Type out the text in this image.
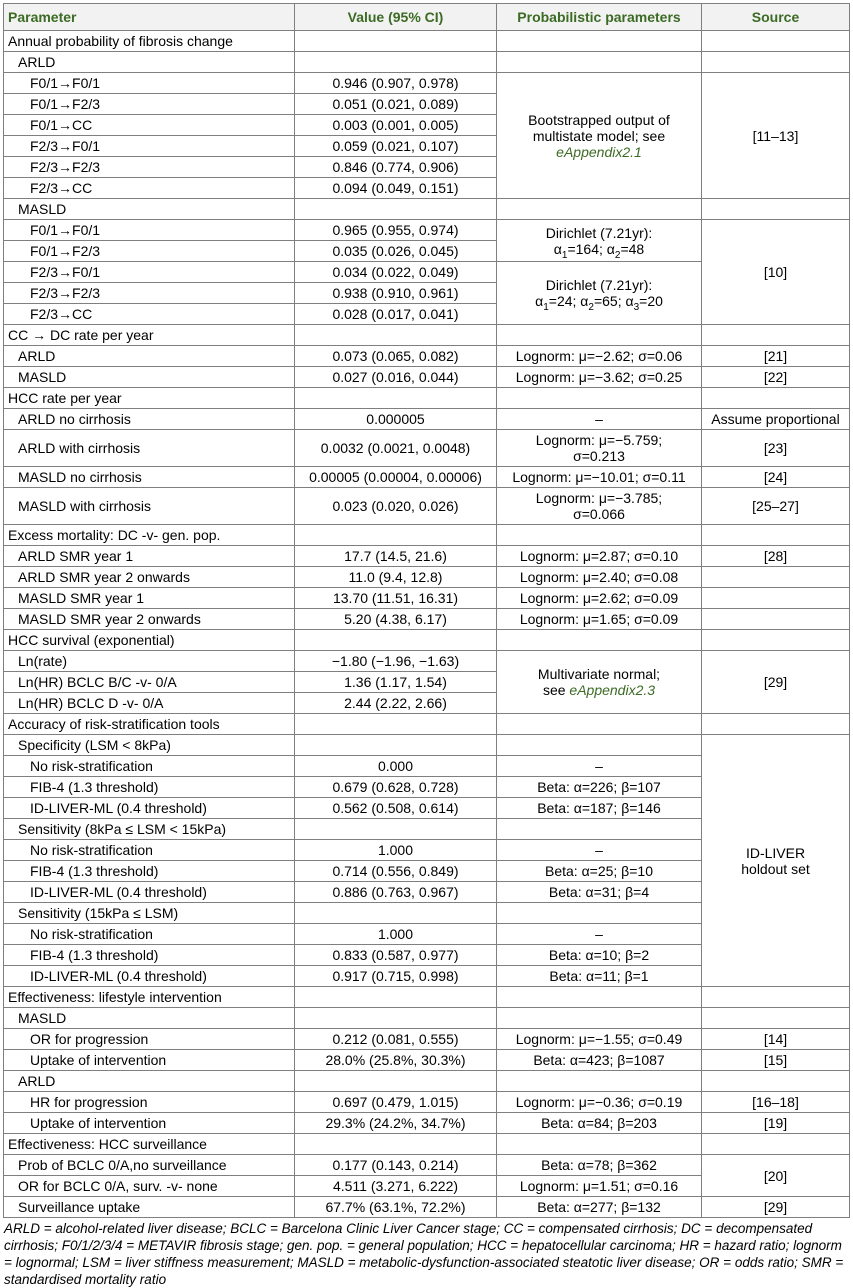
Parameter	Value (95% CI)	Probabilistic parameters	Source
Annual probability of fibrosis change			
ARLD			
F0/1→F0/1	0.946 (0.907, 0.978)	Bootstrapped output of
multistate model; see
eAppendix2.1	[11–13]
F0/1→F2/3	0.051 (0.021, 0.089)		
F0/1→CC	0.003 (0.001, 0.005)		
F2/3→F0/1	0.059 (0.021, 0.107)		
F2/3→F2/3	0.846 (0.774, 0.906)		
F2/3→CC	0.094 (0.049, 0.151)		
MASLD			
F0/1→F0/1	0.965 (0.955, 0.974)	Dirichlet (7.21yr):
$\alpha_1=164$; $\alpha_2=48$	[10]
F0/1→F2/3	0.035 (0.026, 0.045)		
F2/3→F0/1	0.034 (0.022, 0.049)	Dirichlet (7.21yr):
$\alpha_1=24$; $\alpha_2=65$; $\alpha_3=20$	
F2/3→F2/3	0.938 (0.910, 0.961)		
F2/3→CC	0.028 (0.017, 0.041)		
CC → DC rate per year			
ARLD	0.073 (0.065, 0.082)	Lognorm: μ=−2.62; σ=0.06	[21]
MASLD	0.027 (0.016, 0.044)	Lognorm: μ=−3.62; σ=0.25	[22]
HCC rate per year			
ARLD no cirrhosis	0.000005	–	Assume proportional
ARLD with cirrhosis	0.0032 (0.0021, 0.0048)	Lognorm: μ=−5.759;
σ=0.213	[23]
MASLD no cirrhosis	0.00005 (0.00004, 0.00006)	Lognorm: μ=−10.01; σ=0.11	[24]
MASLD with cirrhosis	0.023 (0.020, 0.026)	Lognorm: μ=−3.785;
σ=0.066	[25–27]
Excess mortality: DC -v- gen. pop.			
ARLD SMR year 1	17.7 (14.5, 21.6)	Lognorm: μ=2.87; σ=0.10	[28]
ARLD SMR year 2 onwards	11.0 (9.4, 12.8)	Lognorm: μ=2.40; σ=0.08	
MASLD SMR year 1	13.70 (11.51, 16.31)	Lognorm: μ=2.62; σ=0.09	
MASLD SMR year 2 onwards	5.20 (4.38, 6.17)	Lognorm: μ=1.65; σ=0.09	
HCC survival (exponential)			
Ln(rate)	−1.80 (−1.96, −1.63)	Multivariate normal;
see eAppendix2.3	[29]
Ln(HR) BCLC B/C -v- 0/A	1.36 (1.17, 1.54)		
Ln(HR) BCLC D -v- 0/A	2.44 (2.22, 2.66)		
Accuracy of risk-stratification tools			
Specificity (LSM < 8kPa)			ID-LIVER
holdout set
No risk-stratification	0.000	–	
FIB-4 (1.3 threshold)	0.679 (0.628, 0.728)	Beta: α=226; β=107	
ID-LIVER-ML (0.4 threshold)	0.562 (0.508, 0.614)	Beta: α=187; β=146	
Sensitivity (8kPa ≤ LSM < 15kPa)			
No risk-stratification	1.000	–	
FIB-4 (1.3 threshold)	0.714 (0.556, 0.849)	Beta: α=25; β=10	
ID-LIVER-ML (0.4 threshold)	0.886 (0.763, 0.967)	Beta: α=31; β=4	
Sensitivity (15kPa ≤ LSM)			
No risk-stratification	1.000	–	
FIB-4 (1.3 threshold)	0.833 (0.587, 0.977)	Beta: α=10; β=2	
ID-LIVER-ML (0.4 threshold)	0.917 (0.715, 0.998)	Beta: α=11; β=1	
Effectiveness: lifestyle intervention			
MASLD			
OR for progression	0.212 (0.081, 0.555)	Lognorm: μ=−1.55; σ=0.49	[14]
Uptake of intervention	28.0% (25.8%, 30.3%)	Beta: α=423; β=1087	[15]
ARLD			
HR for progression	0.697 (0.479, 1.015)	Lognorm: μ=−0.36; σ=0.19	[16–18]
Uptake of intervention	29.3% (24.2%, 34.7%)	Beta: α=84; β=203	[19]
Effectiveness: HCC surveillance			
Prob of BCLC 0/A,no surveillance	0.177 (0.143, 0.214)	Beta: α=78; β=362	[20]
OR for BCLC 0/A, surv. -v- none	4.511 (3.271, 6.222)	Lognorm: μ=1.51; σ=0.16	
Surveillance uptake	67.7% (63.1%, 72.2%)	Beta: α=277; β=132	[29]
ARLD = alcohol-related liver disease; BCLC = Barcelona Clinic Liver Cancer stage; CC = compensated cirrhosis; DC = decompensated cirrhosis; F0/1/2/3/4 = METAVIR fibrosis stage; gen. pop. = general population; HCC = hepatocellular carcinoma; HR = hazard ratio; lognorm = lognormal; LSM = liver stiffness measurement; MASLD = metabolic-dysfunction-associated steatotic liver disease; OR = odds ratio; SMR = standardised mortality ratio
